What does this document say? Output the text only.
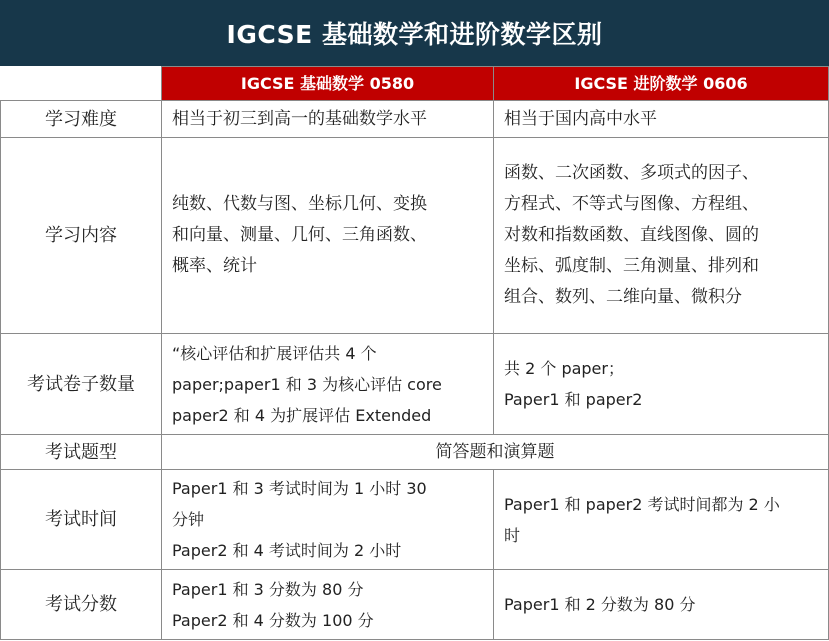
IGCSE 基础数学和进阶数学区别
	IGCSE 基础数学 0580	IGCSE 进阶数学 0606
学习难度	相当于初三到高一的基础数学水平	相当于国内高中水平

学习内容	纯数、代数与图、坐标几何、变换
和向量、测量、几何、三角函数、
概率、统计	函数、二次函数、多项式的因子、
方程式、不等式与图像、方程组、
对数和指数函数、直线图像、圆的
坐标、弧度制、三角测量、排列和
组合、数列、二维向量、微积分

考试卷子数量	“核心评估和扩展评估共 4 个
paper;paper1 和 3 为核心评估 core
paper2 和 4 为扩展评估 Extended	共 2 个 paper；
Paper1 和 paper2

考试题型	简答题和演算题	
考试时间	Paper1 和 3 考试时间为 1 小时 30
分钟
Paper2 和 4 考试时间为 2 小时	Paper1 和 paper2 考试时间都为 2 小
时

考试分数	Paper1 和 3 分数为 80 分
Paper2 和 4 分数为 100 分	Paper1 和 2 分数为 80 分
